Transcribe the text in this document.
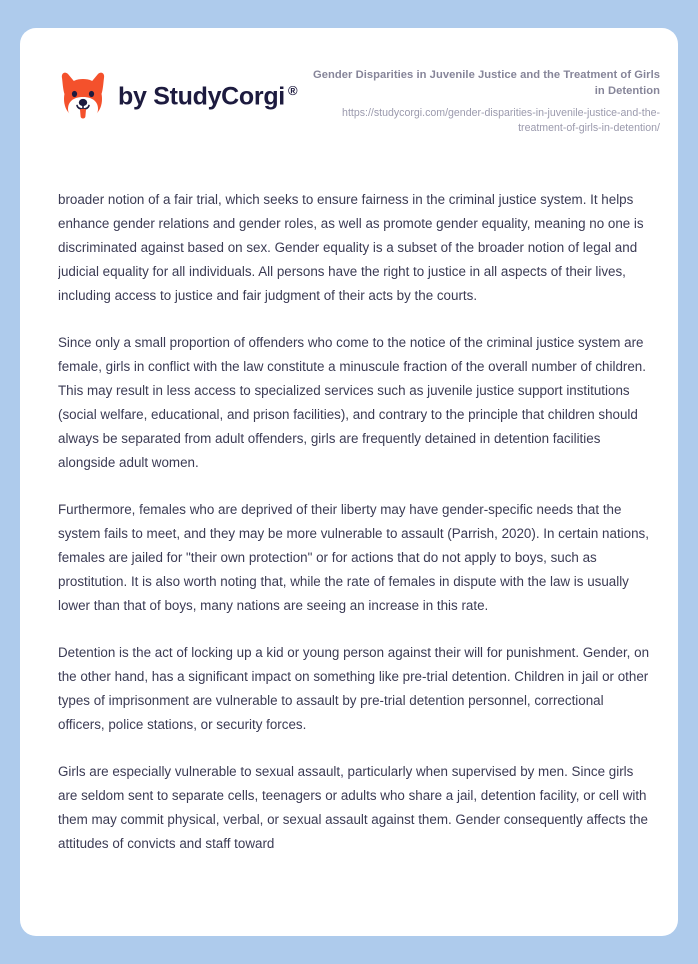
by StudyCorgi ®

Gender Disparities in Juvenile Justice and the Treatment of Girls in Detention

https://studycorgi.com/gender-disparities-in-juvenile-justice-and-the-treatment-of-girls-in-detention/

broader notion of a fair trial, which seeks to ensure fairness in the criminal justice system. It helps enhance gender relations and gender roles, as well as promote gender equality, meaning no one is discriminated against based on sex. Gender equality is a subset of the broader notion of legal and judicial equality for all individuals. All persons have the right to justice in all aspects of their lives, including access to justice and fair judgment of their acts by the courts.

Since only a small proportion of offenders who come to the notice of the criminal justice system are female, girls in conflict with the law constitute a minuscule fraction of the overall number of children. This may result in less access to specialized services such as juvenile justice support institutions (social welfare, educational, and prison facilities), and contrary to the principle that children should always be separated from adult offenders, girls are frequently detained in detention facilities alongside adult women.

Furthermore, females who are deprived of their liberty may have gender-specific needs that the system fails to meet, and they may be more vulnerable to assault (Parrish, 2020). In certain nations, females are jailed for "their own protection" or for actions that do not apply to boys, such as prostitution. It is also worth noting that, while the rate of females in dispute with the law is usually lower than that of boys, many nations are seeing an increase in this rate.

Detention is the act of locking up a kid or young person against their will for punishment. Gender, on the other hand, has a significant impact on something like pre-trial detention. Children in jail or other types of imprisonment are vulnerable to assault by pre-trial detention personnel, correctional officers, police stations, or security forces.

Girls are especially vulnerable to sexual assault, particularly when supervised by men. Since girls are seldom sent to separate cells, teenagers or adults who share a jail, detention facility, or cell with them may commit physical, verbal, or sexual assault against them. Gender consequently affects the attitudes of convicts and staff toward
